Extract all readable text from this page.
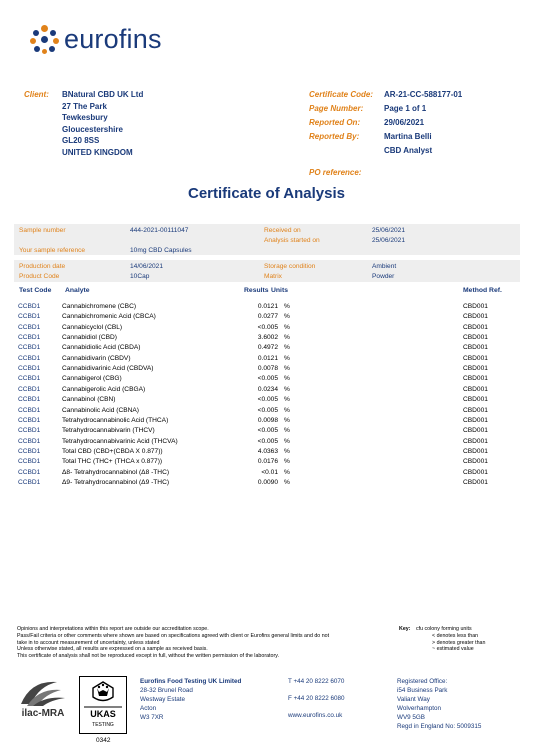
eurofins
Client: BNatural CBD UK Ltd
27 The Park
Tewkesbury
Gloucestershire
GL20 8SS
UNITED KINGDOM
Certificate Code: AR-21-CC-588177-01
Page Number:	Page 1 of 1
Reported On:	29/06/2021
Reported By:	Martina Belli
CBD Analyst
PO reference:
Certificate of Analysis
Sample number	444-2021-00111047	Received on	25/06/2021
Analysis started on	25/06/2021
Your sample reference	10mg CBD Capsules
Production date	14/06/2021	Storage condition	Ambient
Product Code	10Cap	Matrix	Powder
Test Code Analyte	Results Units	Method Ref.
CCBD1	Cannabichromene (CBC)	0.0121 %	CBD001
CCBD1	Cannabichromenic Acid (CBCA)	0.0277 %	CBD001
CCBD1	Cannabicyclol (CBL)	<0.005 %	CBD001
CCBD1	Cannabidiol (CBD)	3.6002 %	CBD001
CCBD1	Cannabidiolic Acid (CBDA)	0.4972 %	CBD001
CCBD1	Cannabidivarin (CBDV)	0.0121 %	CBD001
CCBD1	Cannabidivarinic Acid (CBDVA)	0.0078 %	CBD001
CCBD1	Cannabigerol (CBG)	<0.005 %	CBD001
CCBD1	Cannabigerolic Acid (CBGA)	0.0234 %	CBD001
CCBD1	Cannabinol (CBN)	<0.005 %	CBD001
CCBD1	Cannabinolic Acid (CBNA)	<0.005 %	CBD001
CCBD1	Tetrahydrocannabinolic Acid (THCA)	0.0098 %	CBD001
CCBD1	Tetrahydrocannabivarin (THCV)	<0.005 %	CBD001
CCBD1	Tetrahydrocannabivarinic Acid (THCVA)	<0.005 %	CBD001
CCBD1	Total CBD (CBD+(CBDA X 0.877))	4.0363 %	CBD001
CCBD1	Total THC (THC+ (THCA x 0.877))	0.0176 %	CBD001
CCBD1	Δ8- Tetrahydrocannabinol (Δ8 -THC)	<0.01 %	CBD001
CCBD1	Δ9- Tetrahydrocannabinol (Δ9 -THC)	0.0090 %	CBD001
Opinions and interpretations within this report are outside our accreditation scope.
Pass/Fail criteria or other comments where shown are based on specifications agreed with client or Eurofins general limits and do not
take in to account measurement of uncertainty, unless stated
Unless otherwise stated, all results are expressed on a sample as received basis.
This certificate of analysis shall not be reproduced except in full, without the written permission of the laboratory.
Key: cfu colony forming units
< denotes less than
> denotes greater than
~ estimated value
ilac-MRA	UKAS
TESTING
0342
Eurofins Food Testing UK Limited
28-32 Brunel Road
Westway Estate
Acton
W3 7XR
T +44 20 8222 6070
F +44 20 8222 6080
www.eurofins.co.uk
Registered Office:
i54 Business Park
Valiant Way
Wolverhampton
WV9 5GB
Regd in England No: 5009315
